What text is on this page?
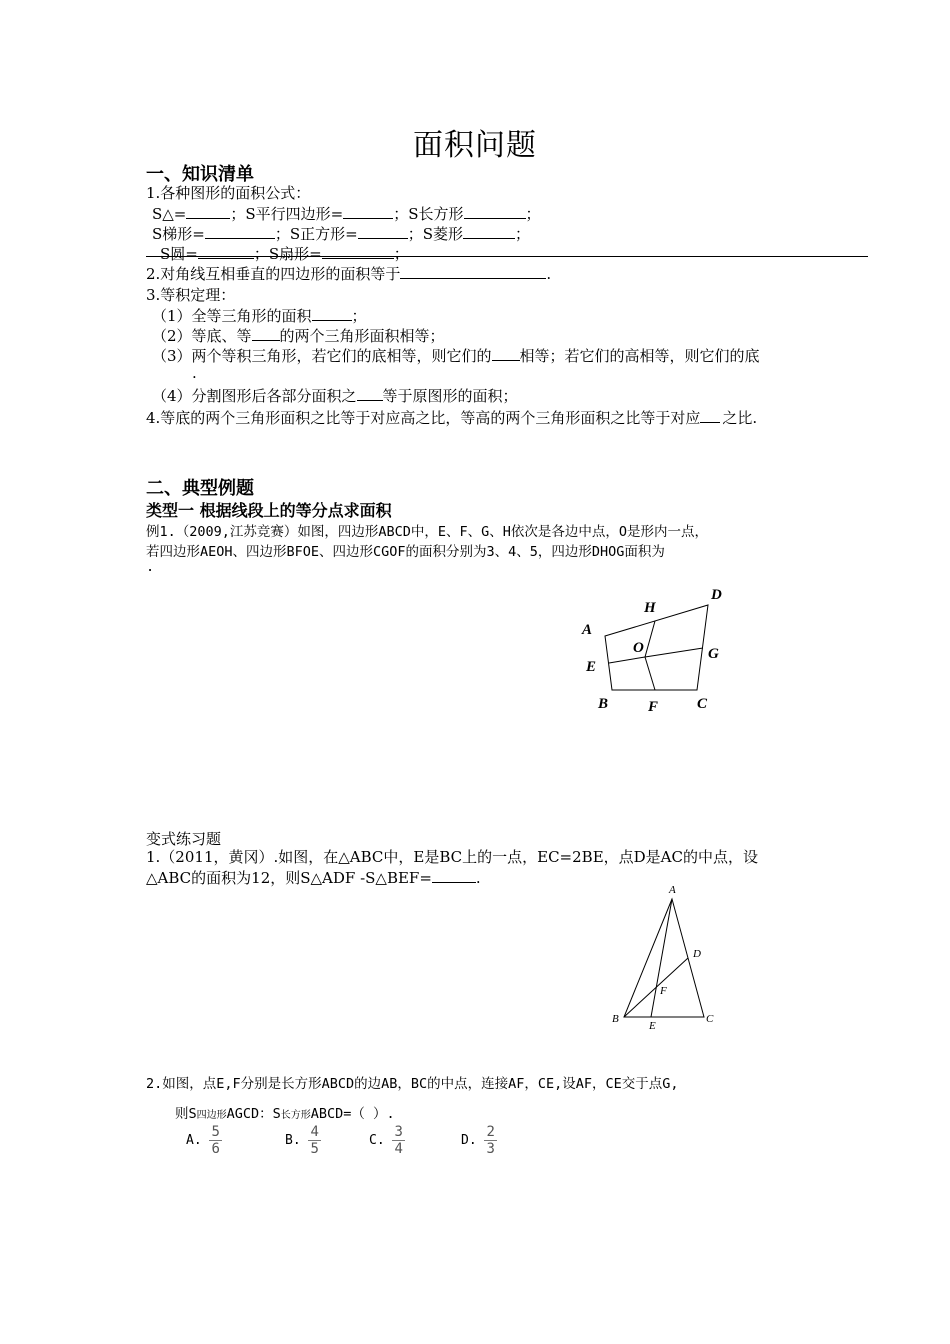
面积问题
一、知识清单
1.各种图形的面积公式：
S△=	；S平行四边形=	；S长方形	；
S梯形=	；S正方形=	；S菱形	；
S圆=	；S扇形=	；
2.对角线互相垂直的四边形的面积等于	.
3.等积定理：
（1）全等三角形的面积	；
（2）等底、等 的两个三角形面积相等；
（3）两个等积三角形，若它们的底相等，则它们的 相等；若它们的高相等，则它们的底
.
（4）分割图形后各部分面积之 等于原图形的面积；
4.等底的两个三角形面积之比等于对应高之比，等高的两个三角形面积之比等于对应 之比.
二、典型例题
类型一 根据线段上的等分点求面积
例1.（2009,江苏竞赛）如图，四边形ABCD中，E、F、G、H依次是各边中点，O是形内一点，
若四边形AEOH、四边形BFOE、四边形CGOF的面积分别为3、4、5，四边形DHOG面积为
.
A
B	C
D
E
F
G
H
O
变式练习题
1.（2011，黄冈）.如图，在△ABC中，E是BC上的一点，EC=2BE，点D是AC的中点，设
△ABC的面积为12，则S△ADF -S△BEF=	.
A
B	C
D
E
F
2.如图，点E,F分别是长方形ABCD的边AB，BC的中点，连接AF，CE,设AF，CE交于点G,
则S四边形AGCD：S长方形ABCD=（ ）.
A. $\frac{5}{6}$	B. $\frac{4}{5}$	C. $\frac{3}{4}$	D. $\frac{2}{3}$
